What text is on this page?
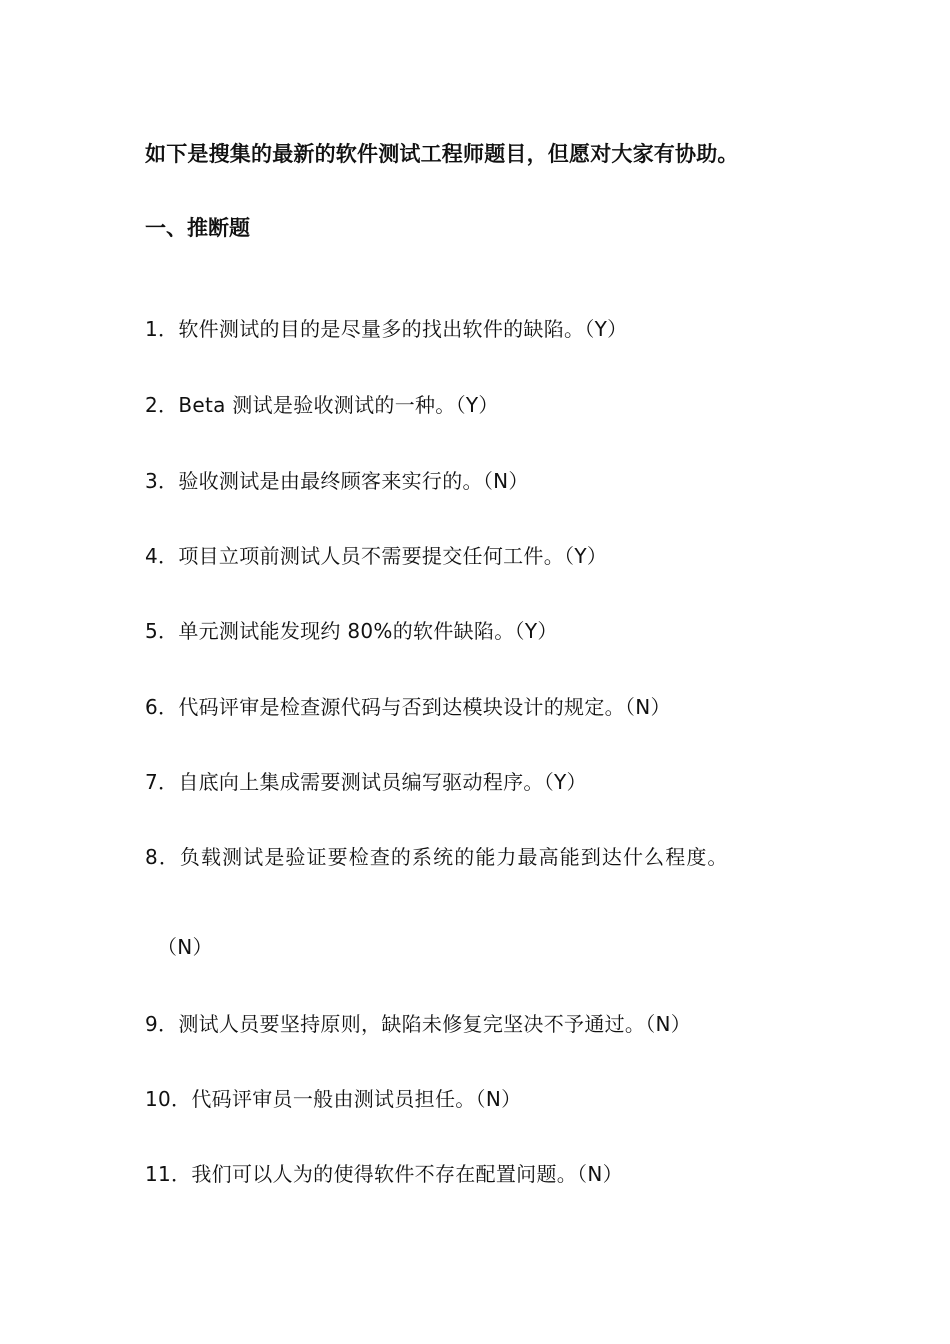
如下是搜集的最新的软件测试工程师题目，但愿对大家有协助。
一、推断题
1．软件测试的目的是尽量多的找出软件的缺陷。（Y）
2．Beta 测试是验收测试的一种。（Y）
3．验收测试是由最终顾客来实行的。（N）
4．项目立项前测试人员不需要提交任何工件。（Y）
5．单元测试能发现约 80%的软件缺陷。（Y）
6．代码评审是检查源代码与否到达模块设计的规定。（N）
7．自底向上集成需要测试员编写驱动程序。（Y）
8．负载测试是验证要检查的系统的能力最高能到达什么程度。
（N）
9．测试人员要坚持原则，缺陷未修复完坚决不予通过。（N）
10．代码评审员一般由测试员担任。（N）
11．我们可以人为的使得软件不存在配置问题。（N）
